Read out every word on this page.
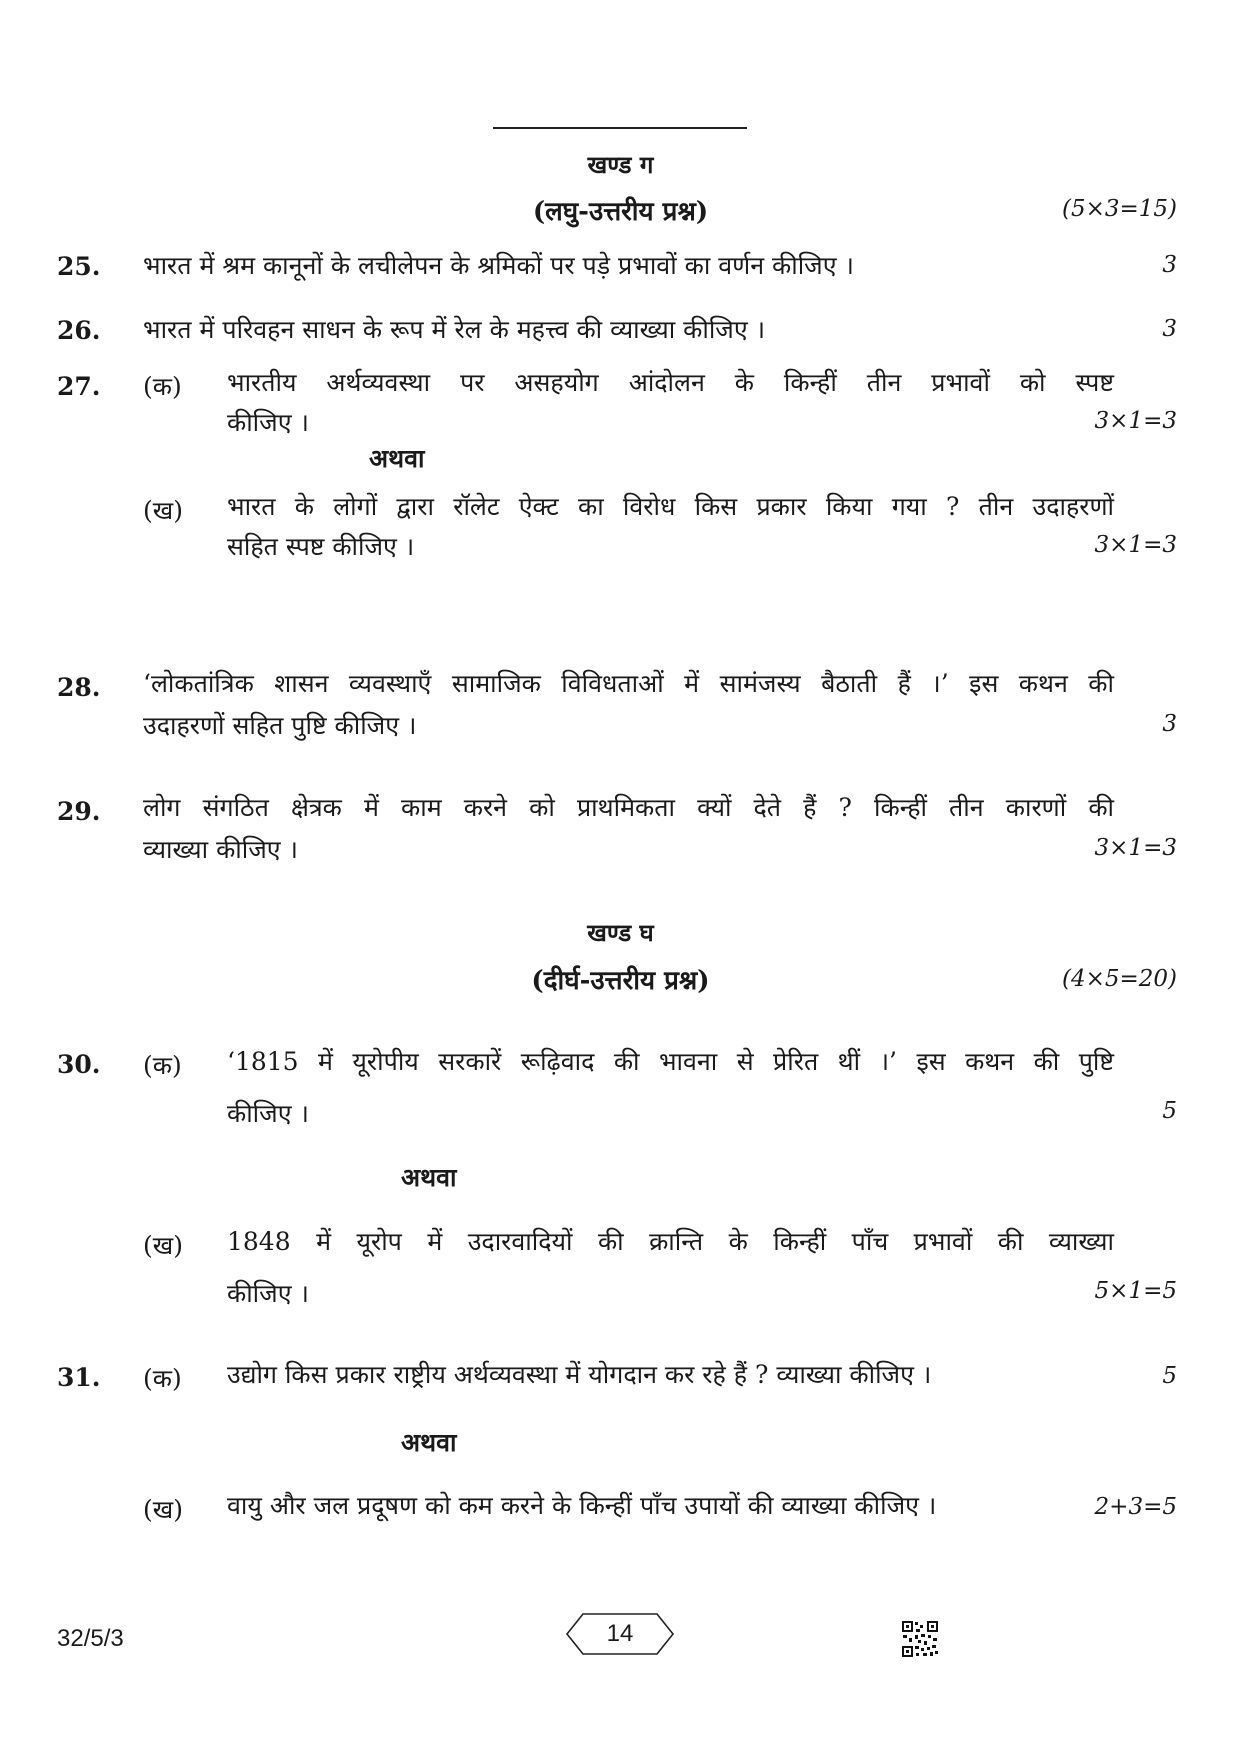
खण्ड ग
(लघु-उत्तरीय प्रश्न)	(5×3=15)
25. भारत में श्रम कानूनों के लचीलेपन के श्रमिकों पर पड़े प्रभावों का वर्णन कीजिए ।	3
26. भारत में परिवहन साधन के रूप में रेल के महत्त्व की व्याख्या कीजिए ।	3
27. (क) भारतीय अर्थव्यवस्था पर असहयोग आंदोलन के किन्हीं तीन प्रभावों को स्पष्ट
कीजिए ।	3×1=3
अथवा
(ख) भारत के लोगों द्वारा रॉलेट ऐक्ट का विरोध किस प्रकार किया गया ? तीन उदाहरणों
सहित स्पष्ट कीजिए ।	3×1=3
28. ‘लोकतांत्रिक शासन व्यवस्थाएँ सामाजिक विविधताओं में सामंजस्य बैठाती हैं ।’ इस कथन की
उदाहरणों सहित पुष्टि कीजिए ।	3
29. लोग संगठित क्षेत्रक में काम करने को प्राथमिकता क्यों देते हैं ? किन्हीं तीन कारणों की
व्याख्या कीजिए ।	3×1=3
खण्ड घ
(दीर्घ-उत्तरीय प्रश्न)	(4×5=20)
30. (क) ‘1815 में यूरोपीय सरकारें रूढ़िवाद की भावना से प्रेरित थीं ।’ इस कथन की पुष्टि
कीजिए ।	5
अथवा
(ख) 1848 में यूरोप में उदारवादियों की क्रान्ति के किन्हीं पाँच प्रभावों की व्याख्या
कीजिए ।	5×1=5
31. (क) उद्योग किस प्रकार राष्ट्रीय अर्थव्यवस्था में योगदान कर रहे हैं ? व्याख्या कीजिए ।	5
अथवा
(ख) वायु और जल प्रदूषण को कम करने के किन्हीं पाँच उपायों की व्याख्या कीजिए ।	2+3=5
32/5/3	14
